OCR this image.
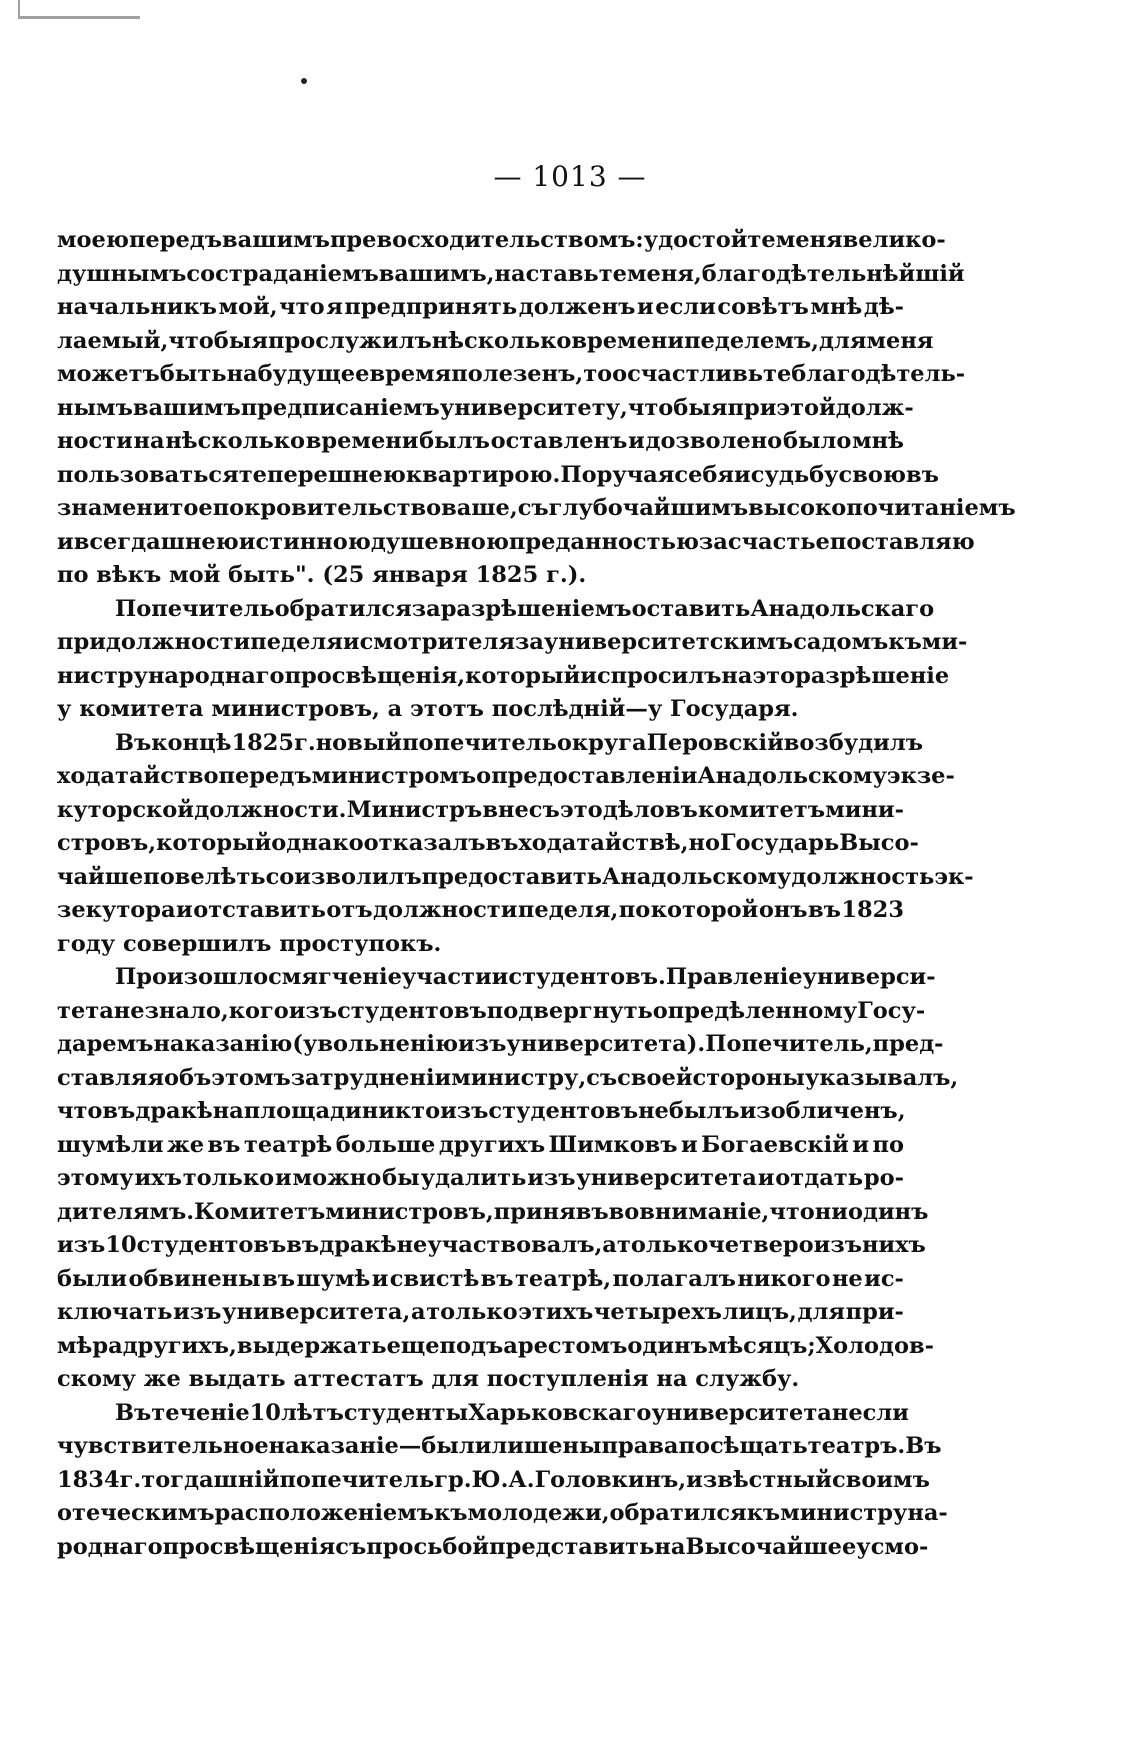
— 1013 —
моею передъ вашимъ превосходительствомъ: удостойте меня велико-
душнымъ состраданіемъ вашимъ, наставьте меня, благодѣтельнѣйшій
начальникъ мой, что я предпринять долженъ и если совѣтъ мнѣ дѣ-
лаемый, чтобы я прослужилъ нѣсколько времени педелемъ, для меня
можетъ быть на будущее время полезенъ, то осчастливьте благодѣтель-
нымъ вашимъ предписаніемъ университету, чтобы я при этой долж-
ности на нѣсколько времени былъ оставленъ и дозволено было мнѣ
пользоваться теперешнею квартирою. Поручая себя и судьбу свою въ
знаменитое покровительство ваше, съ глубочайшимъ высокопочитаніемъ
и всегдашнею истинною душевною преданностью за счастье поставляю
по вѣкъ мой быть". (25 января 1825 г.).
Попечитель обратился за разрѣшеніемъ оставить Анадольскаго
при должности педеля и смотрителя за университетскимъ садомъ къ ми-
нистру народнаго просвѣщенія, который испросилъ на это разрѣшеніе
у комитета министровъ, а этотъ послѣдній—у Государя.
Въ концѣ 1825 г. новый попечитель округа Перовскій возбудилъ
ходатайство передъ министромъ о предоставленіи Анадольскому экзе-
куторской должности. Министръ внесъ это дѣло въ комитетъ мини-
стровъ, который однако отказалъ въ ходатайствѣ, но Государь Высо-
чайше повелѣть соизволилъ предоставить Анадольскому должность эк-
зекутора и отставить отъ должности педеля, по которой онъ въ 1823
году совершилъ проступокъ.
Произошло смягченіе участи и студентовъ. Правленіе универси-
тета не знало, кого изъ студентовъ подвергнуть опредѣленному Госу-
даремъ наказанію (увольненію изъ университета). Попечитель, пред-
ставляя объ этомъ затрудненіи министру, съ своей стороны указывалъ,
что въ дракѣ на площади никто изъ студентовъ не былъ изобличенъ,
шумѣли же въ театрѣ больше другихъ Шимковъ и Богаевскій и по
этому ихъ только и можно бы удалить изъ университета и отдать ро-
дителямъ. Комитетъ министровъ, принявъ во вниманіе, что ни одинъ
изъ 10 студентовъ въ дракѣ не участвовалъ, а только четверо изъ нихъ
были обвинены въ шумѣ и свистѣ въ театрѣ, полагалъ никого не ис-
ключать изъ университета, а только этихъ четырехъ лицъ, для при-
мѣра другихъ, выдержать еще подъ арестомъ одинъ мѣсяцъ; Холодов-
скому же выдать аттестатъ для поступленія на службу.
Въ теченіе 10 лѣтъ студенты Харьковскаго университета несли
чувствительное наказаніе—были лишены права посѣщать театръ. Въ
1834 г. тогдашній попечитель гр. Ю. А. Головкинъ, извѣстный своимъ
отеческимъ расположеніемъ къ молодежи, обратился къ министру на-
роднаго просвѣщенія съ просьбой представить на Высочайшее усмо-
